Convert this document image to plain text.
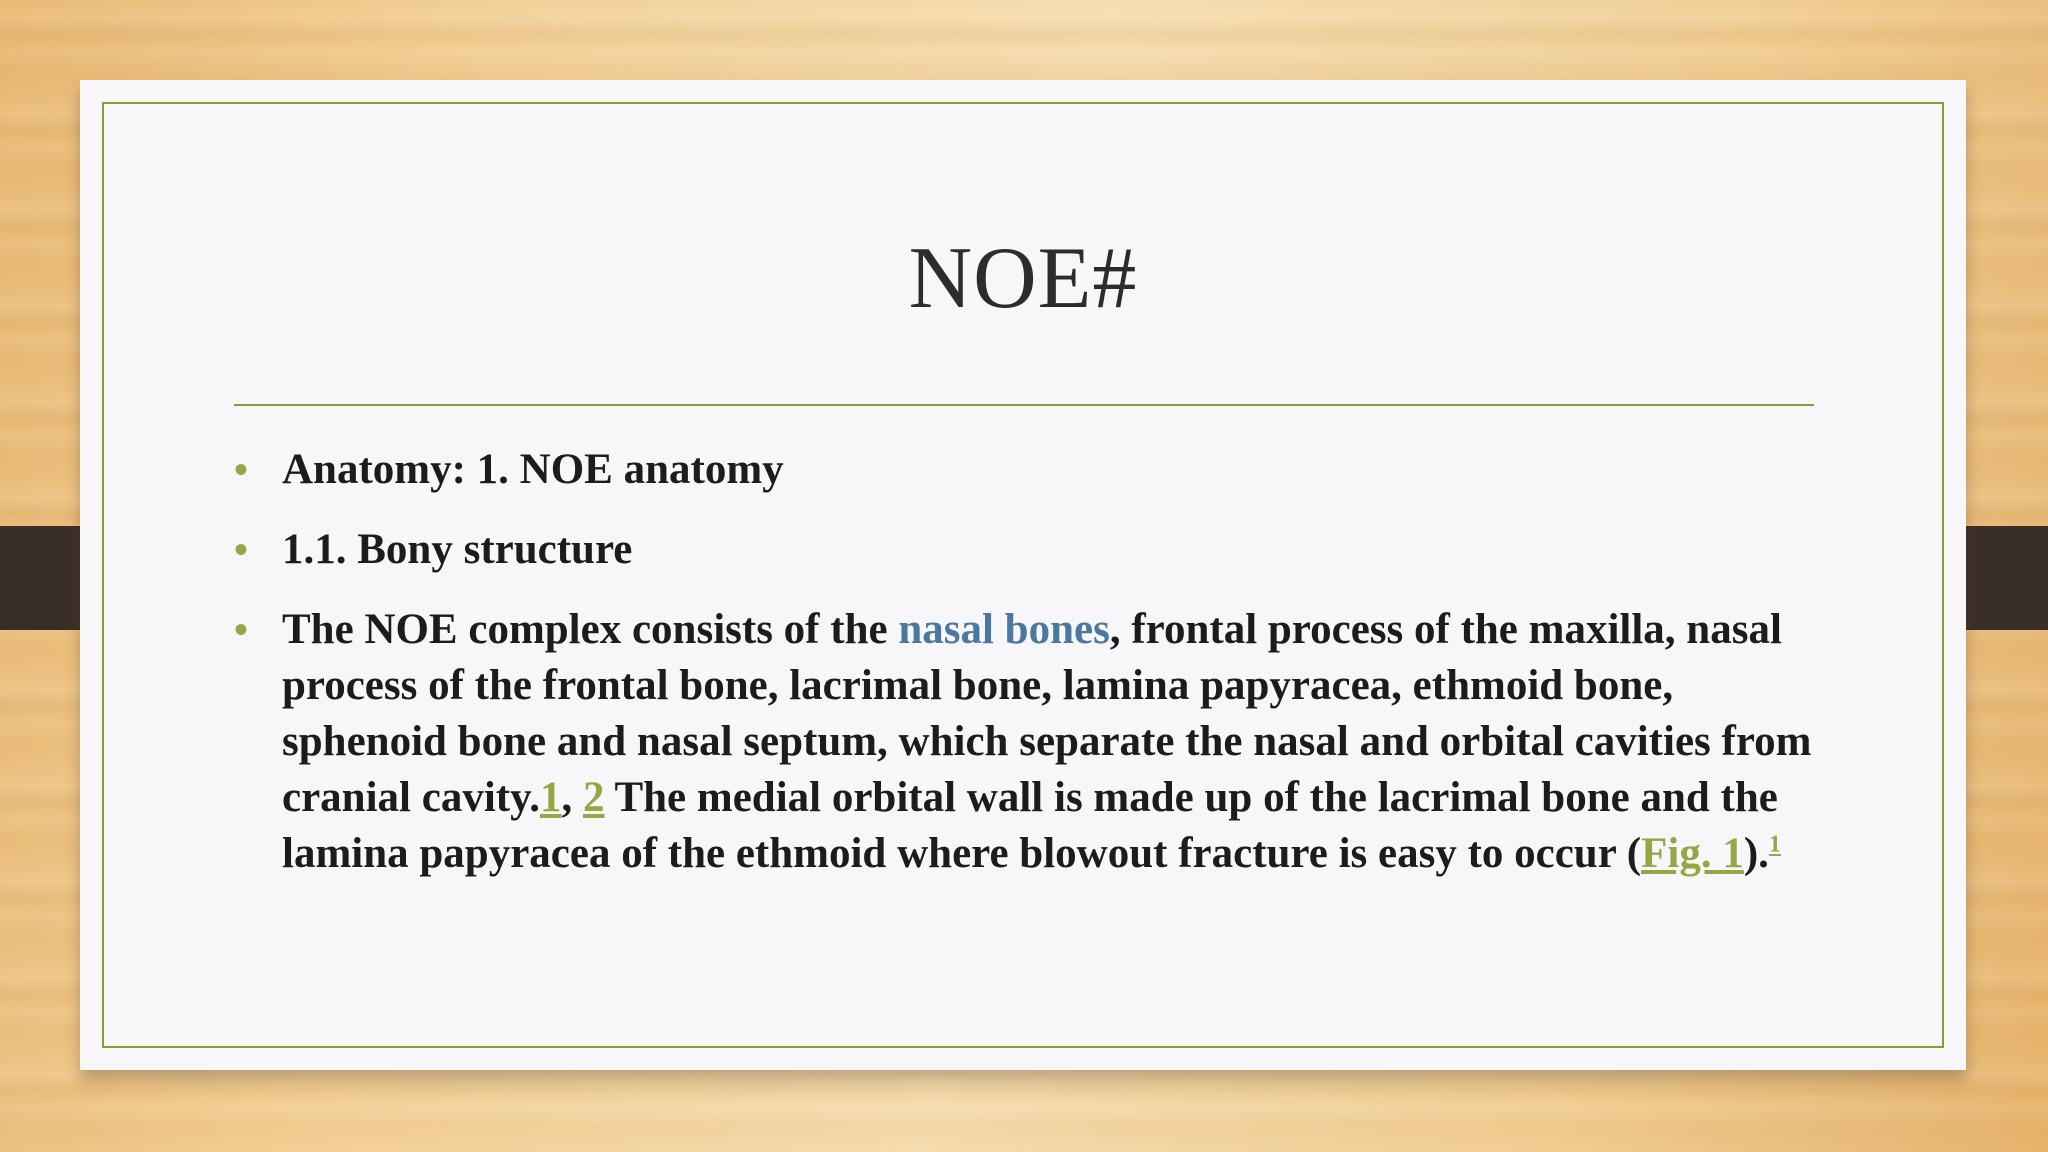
NOE#
• Anatomy: 1. NOE anatomy
• 1.1. Bony structure
• The NOE complex consists of the nasal bones, frontal process of the maxilla, nasal process of the frontal bone, lacrimal bone, lamina papyracea, ethmoid bone, sphenoid bone and nasal septum, which separate the nasal and orbital cavities from cranial cavity.1, 2 The medial orbital wall is made up of the lacrimal bone and the lamina papyracea of the ethmoid where blowout fracture is easy to occur (Fig. 1).$^1$
